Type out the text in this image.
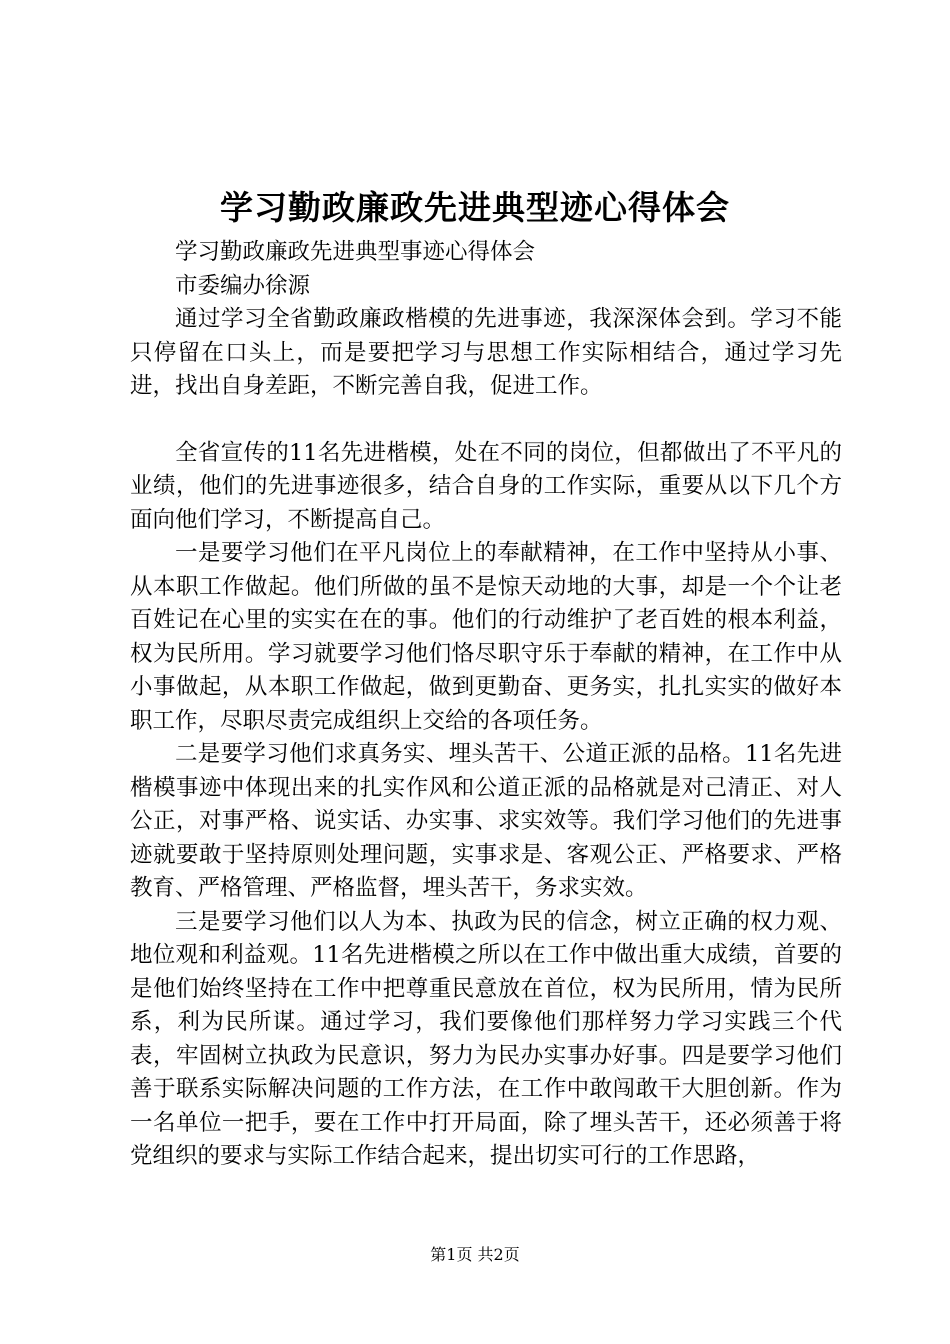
学习勤政廉政先进典型迹心得体会

学习勤政廉政先进典型事迹心得体会

市委编办徐源

通过学习全省勤政廉政楷模的先进事迹，我深深体会到。学习不能只停留在口头上，而是要把学习与思想工作实际相结合，通过学习先进，找出自身差距，不断完善自我，促进工作。

全省宣传的11名先进楷模，处在不同的岗位，但都做出了不平凡的业绩，他们的先进事迹很多，结合自身的工作实际，重要从以下几个方面向他们学习，不断提高自己。

一是要学习他们在平凡岗位上的奉献精神，在工作中坚持从小事、从本职工作做起。他们所做的虽不是惊天动地的大事，却是一个个让老百姓记在心里的实实在在的事。他们的行动维护了老百姓的根本利益，权为民所用。学习就要学习他们恪尽职守乐于奉献的精神，在工作中从小事做起，从本职工作做起，做到更勤奋、更务实，扎扎实实的做好本职工作，尽职尽责完成组织上交给的各项任务。

二是要学习他们求真务实、埋头苦干、公道正派的品格。11名先进楷模事迹中体现出来的扎实作风和公道正派的品格就是对己清正、对人公正，对事严格、说实话、办实事、求实效等。我们学习他们的先进事迹就要敢于坚持原则处理问题，实事求是、客观公正、严格要求、严格教育、严格管理、严格监督，埋头苦干，务求实效。

三是要学习他们以人为本、执政为民的信念，树立正确的权力观、地位观和利益观。11名先进楷模之所以在工作中做出重大成绩，首要的是他们始终坚持在工作中把尊重民意放在首位，权为民所用，情为民所系，利为民所谋。通过学习，我们要像他们那样努力学习实践三个代表，牢固树立执政为民意识，努力为民办实事办好事。四是要学习他们善于联系实际解决问题的工作方法，在工作中敢闯敢干大胆创新。作为一名单位一把手，要在工作中打开局面，除了埋头苦干，还必须善于将党组织的要求与实际工作结合起来，提出切实可行的工作思路，

第1页 共2页
